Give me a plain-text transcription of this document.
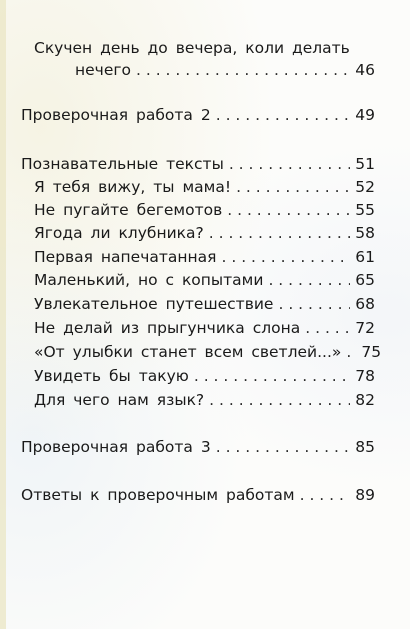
Скучен день до вечера, коли делать
нечего . . .	46
Проверочная работа 2 . . .	49
Познавательные тексты . . .	51
Я тебя вижу, ты мама! . . .	52
Не пугайте бегемотов . . .	55
Ягода ли клубника? . . .	58
Первая напечатанная . . .	61
Маленький, но с копытами . . .	65
Увлекательное путешествие . . .	68
Не делай из прыгунчика слона . . .	72
«От улыбки станет всем светлей...» . . . 75
Увидеть бы такую . . .	78
Для чего нам язык? . . .	82
Проверочная работа 3 . . .	85
Ответы к проверочным работам . . .	89
